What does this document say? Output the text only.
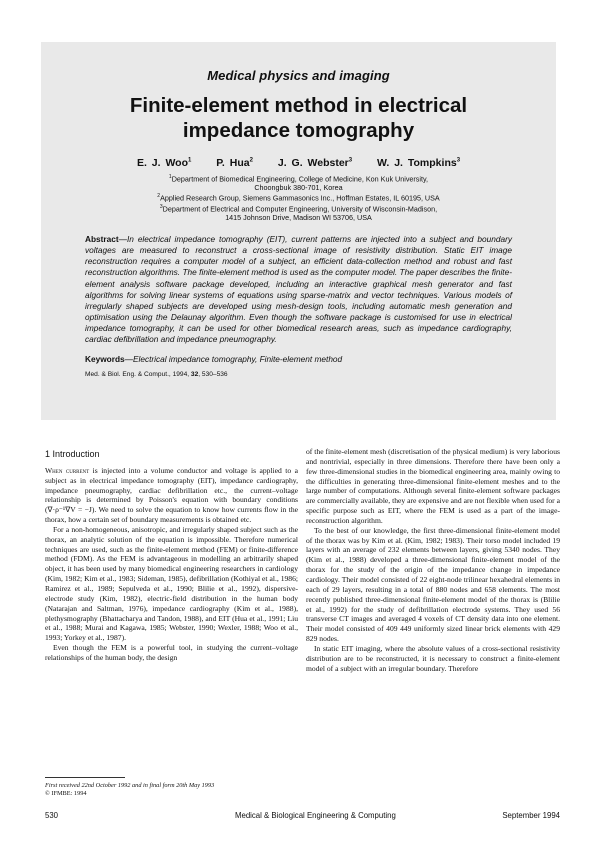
Medical physics and imaging
Finite-element method in electrical
impedance tomography
E. J. Woo$^1$ P. Hua$^2$ J. G. Webster$^3$ W. J. Tompkins$^3$
$^1$Department of Biomedical Engineering, College of Medicine, Kon Kuk University,
Choongbuk 380-701, Korea
$^2$Applied Research Group, Siemens Gammasonics Inc., Hoffman Estates, IL 60195, USA
$^3$Department of Electrical and Computer Engineering, University of Wisconsin-Madison,
1415 Johnson Drive, Madison WI 53706, USA
Abstract—In electrical impedance tomography (EIT), current patterns are injected into a subject and boundary voltages are measured to reconstruct a cross-sectional image of resistivity distribution. Static EIT image reconstruction requires a computer model of a subject, an efficient data-collection method and robust and fast reconstruction algorithms. The finite-element method is used as the computer model. The paper describes the finite-element analysis software package developed, including an interactive graphical mesh generator and fast algorithms for solving linear systems of equations using sparse-matrix and vector techniques. Various models of irregularly shaped subjects are developed using mesh-design tools, including automatic mesh generation and optimisation using the Delaunay algorithm. Even though the software package is customised for use in electrical impedance tomography, it can be used for other biomedical research areas, such as impedance cardiography, cardiac defibrillation and impedance pneumography.
Keywords—Electrical impedance tomography, Finite-element method
Med. & Biol. Eng. & Comput., 1994, 32, 530–536
1 Introduction

When current is injected into a volume conductor and voltage is applied to a subject as in electrical impedance tomography (EIT), impedance cardiography, impedance pneumography, cardiac defibrillation etc., the current–voltage relationship is determined by Poisson's equation with boundary conditions (∇·ρ⁻¹∇V = −J). We need to solve the equation to know how currents flow in the thorax, how a certain set of boundary measurements is obtained etc.

For a non-homogeneous, anisotropic, and irregularly shaped subject such as the thorax, an analytic solution of the equation is impossible. Therefore numerical techniques are used, such as the finite-element method (FEM) or finite-difference method (FDM). As the FEM is advantageous in modelling an arbitrarily shaped object, it has been used by many biomedical engineering researchers in cardiology (Kim, 1982; Kim et al., 1983; Sideman, 1985), defibrillation (Kothiyal et al., 1986; Ramirez et al., 1989; Sepulveda et al., 1990; Blilie et al., 1992), dispersive-electrode study (Kim, 1982), electric-field distribution in the human body (Natarajan and Saltman, 1976), impedance cardiography (Kim et al., 1988), plethysmography (Bhattacharya and Tandon, 1988), and EIT (Hua et al., 1991; Liu et al., 1988; Murai and Kagawa, 1985; Webster, 1990; Wexler, 1988; Woo et al., 1993; Yorkey et al., 1987).

Even though the FEM is a powerful tool, in studying the current–voltage relationships of the human body, the design

of the finite-element mesh (discretisation of the physical medium) is very laborious and nontrivial, especially in three dimensions. Therefore there have been only a few three-dimensional studies in the biomedical engineering area, mainly owing to the difficulties in generating three-dimensional finite-element meshes and to the large number of computations. Although several finite-element software packages are commercially available, they are expensive and are not flexible when used for a specific purpose such as EIT, where the FEM is used as a part of the image-reconstruction algorithm.

To the best of our knowledge, the first three-dimensional finite-element model of the thorax was by Kim et al. (Kim, 1982; 1983). Their torso model included 19 layers with an average of 232 elements between layers, giving 5340 nodes. They (Kim et al., 1988) developed a three-dimensional finite-element model of the thorax for the study of the origin of the impedance change in impedance cardiology. Their model consisted of 22 eight-node trilinear hexahedral elements in each of 29 layers, resulting in a total of 880 nodes and 658 elements. The most recently published three-dimensional finite-element model of the thorax is (Blilie et al., 1992) for the study of defibrillation electrode systems. They used 56 transverse CT images and averaged 4 voxels of CT density data into one element. Their model consisted of 409 449 uniformly sized linear brick elements with 429 829 nodes.

In static EIT imaging, where the absolute values of a cross-sectional resistivity distribution are to be reconstructed, it is necessary to construct a finite-element model of a subject with an irregular boundary. Therefore

First received 22nd October 1992 and in final form 20th May 1993
© IFMBE: 1994
530	Medical & Biological Engineering & Computing	September 1994
